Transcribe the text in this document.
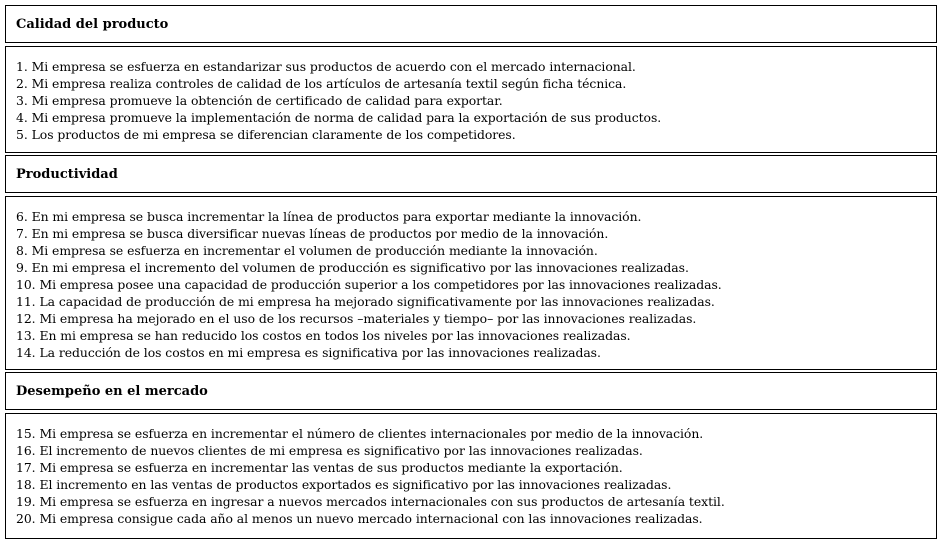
Calidad del producto
1. Mi empresa se esfuerza en estandarizar sus productos de acuerdo con el mercado internacional.
2. Mi empresa realiza controles de calidad de los artículos de artesanía textil según ficha técnica.
3. Mi empresa promueve la obtención de certificado de calidad para exportar.
4. Mi empresa promueve la implementación de norma de calidad para la exportación de sus productos.
5. Los productos de mi empresa se diferencian claramente de los competidores.
Productividad
6. En mi empresa se busca incrementar la línea de productos para exportar mediante la innovación.
7. En mi empresa se busca diversificar nuevas líneas de productos por medio de la innovación.
8. Mi empresa se esfuerza en incrementar el volumen de producción mediante la innovación.
9. En mi empresa el incremento del volumen de producción es significativo por las innovaciones realizadas.
10. Mi empresa posee una capacidad de producción superior a los competidores por las innovaciones realizadas.
11. La capacidad de producción de mi empresa ha mejorado significativamente por las innovaciones realizadas.
12. Mi empresa ha mejorado en el uso de los recursos –materiales y tiempo– por las innovaciones realizadas.
13. En mi empresa se han reducido los costos en todos los niveles por las innovaciones realizadas.
14. La reducción de los costos en mi empresa es significativa por las innovaciones realizadas.
Desempeño en el mercado
15. Mi empresa se esfuerza en incrementar el número de clientes internacionales por medio de la innovación.
16. El incremento de nuevos clientes de mi empresa es significativo por las innovaciones realizadas.
17. Mi empresa se esfuerza en incrementar las ventas de sus productos mediante la exportación.
18. El incremento en las ventas de productos exportados es significativo por las innovaciones realizadas.
19. Mi empresa se esfuerza en ingresar a nuevos mercados internacionales con sus productos de artesanía textil.
20. Mi empresa consigue cada año al menos un nuevo mercado internacional con las innovaciones realizadas.
